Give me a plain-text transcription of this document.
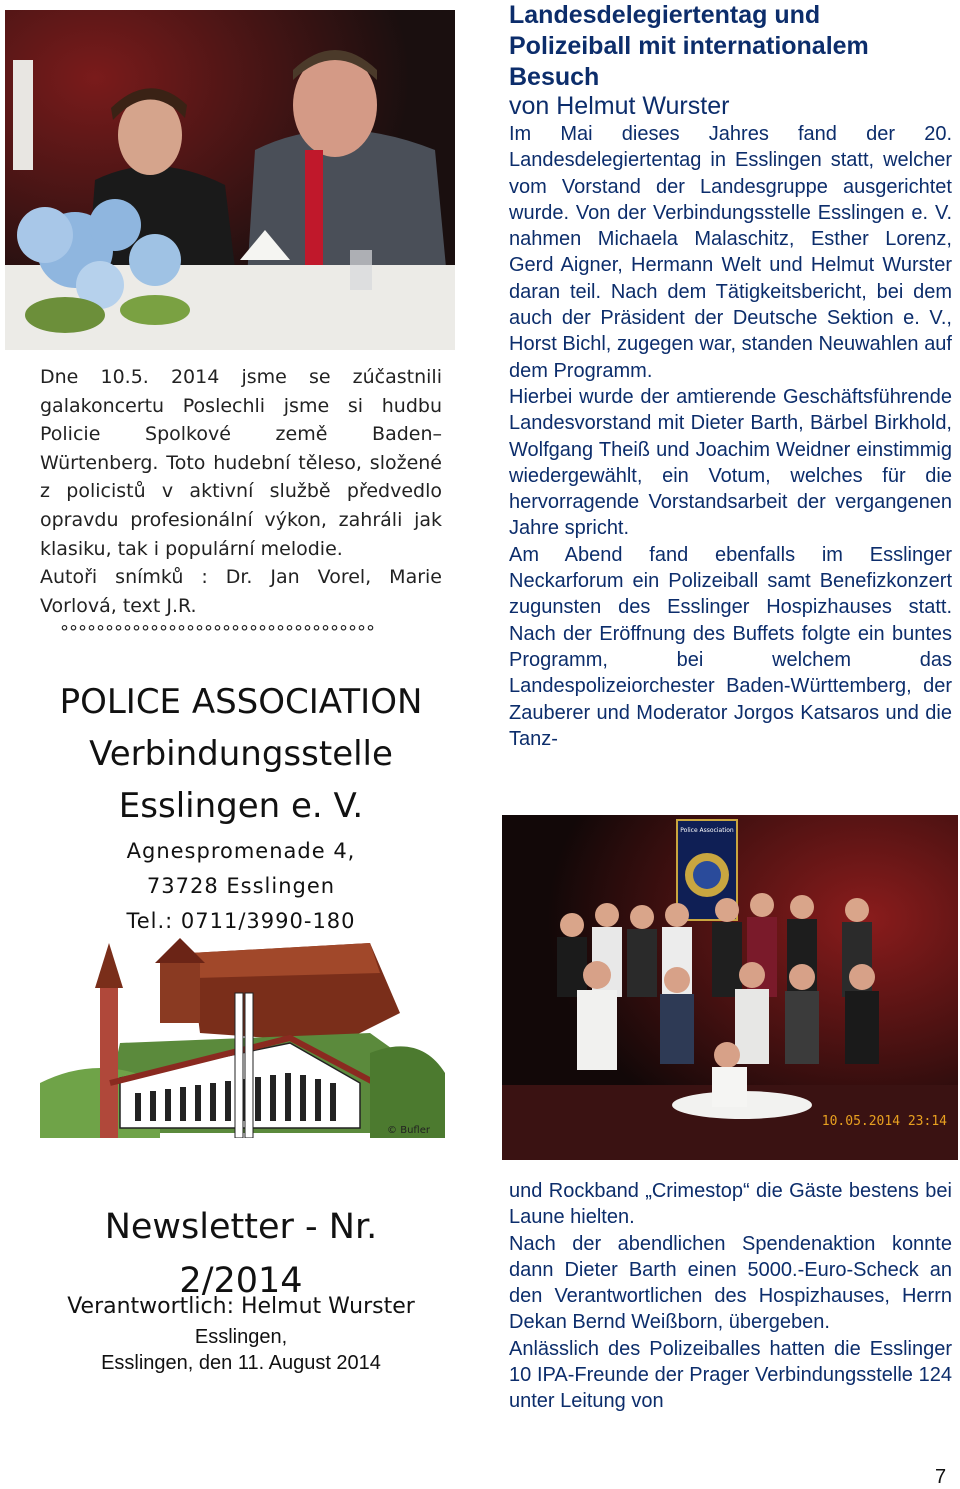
Dne 10.5. 2014 jsme se zúčastnili galakoncertu Poslechli jsme si hudbu Policie Spolkové země Baden–Würtenberg. Toto hudební těleso, složené z policistů v aktivní službě předvedlo opravdu profesionální výkon, zahráli jak klasiku, tak i populární melodie.

Autoři snímků : Dr. Jan Vorel, Marie Vorlová, text J.R.

°°°°°°°°°°°°°°°°°°°°°°°°°°°°°°°°°°°
POLICE ASSOCIATION
Verbindungsstelle
Esslingen e. V.
Agnespromenade 4,
73728 Esslingen
Tel.: 0711/3990-180
© Bufler
Newsletter - Nr.
2/2014
Verantwortlich: Helmut Wurster
Esslingen,
Esslingen, den 11. August 2014
Landesdelegiertentag und Polizeiball mit internationalem Besuch
von Helmut Wurster

Im Mai dieses Jahres fand der 20. Landesdelegiertentag in Esslingen statt, welcher vom Vorstand der Landesgruppe ausgerichtet wurde. Von der Verbindungsstelle Esslingen e. V. nahmen Michaela Malaschitz, Esther Lorenz, Gerd Aigner, Hermann Welt und Helmut Wurster daran teil. Nach dem Tätigkeitsbericht, bei dem auch der Präsident der Deutsche Sektion e. V., Horst Bichl, zugegen war, standen Neuwahlen auf dem Programm.

Hierbei wurde der amtierende Geschäftsführende Landesvorstand mit Dieter Barth, Bärbel Birkhold, Wolfgang Theiß und Joachim Weidner einstimmig wiedergewählt, ein Votum, welches für die hervorragende Vorstandsarbeit der vergangenen Jahre spricht.

Am Abend fand ebenfalls im Esslinger Neckarforum ein Polizeiball samt Benefizkonzert zugunsten des Esslinger Hospizhauses statt. Nach der Eröffnung des Buffets folgte ein buntes Programm, bei welchem das Landespolizeiorchester Baden-Württemberg, der Zauberer und Moderator Jorgos Katsaros und die Tanz-

Police Association
10.05.2014 23:14

und Rockband „Crimestop“ die Gäste bestens bei Laune hielten.

Nach der abendlichen Spendenaktion konnte dann Dieter Barth einen 5000.-Euro-Scheck an den Verantwortlichen des Hospizhauses, Herrn Dekan Bernd Weißborn, übergeben.

Anlässlich des Polizeiballes hatten die Esslinger 10 IPA-Freunde der Prager Verbindungsstelle 124 unter Leitung von

7
